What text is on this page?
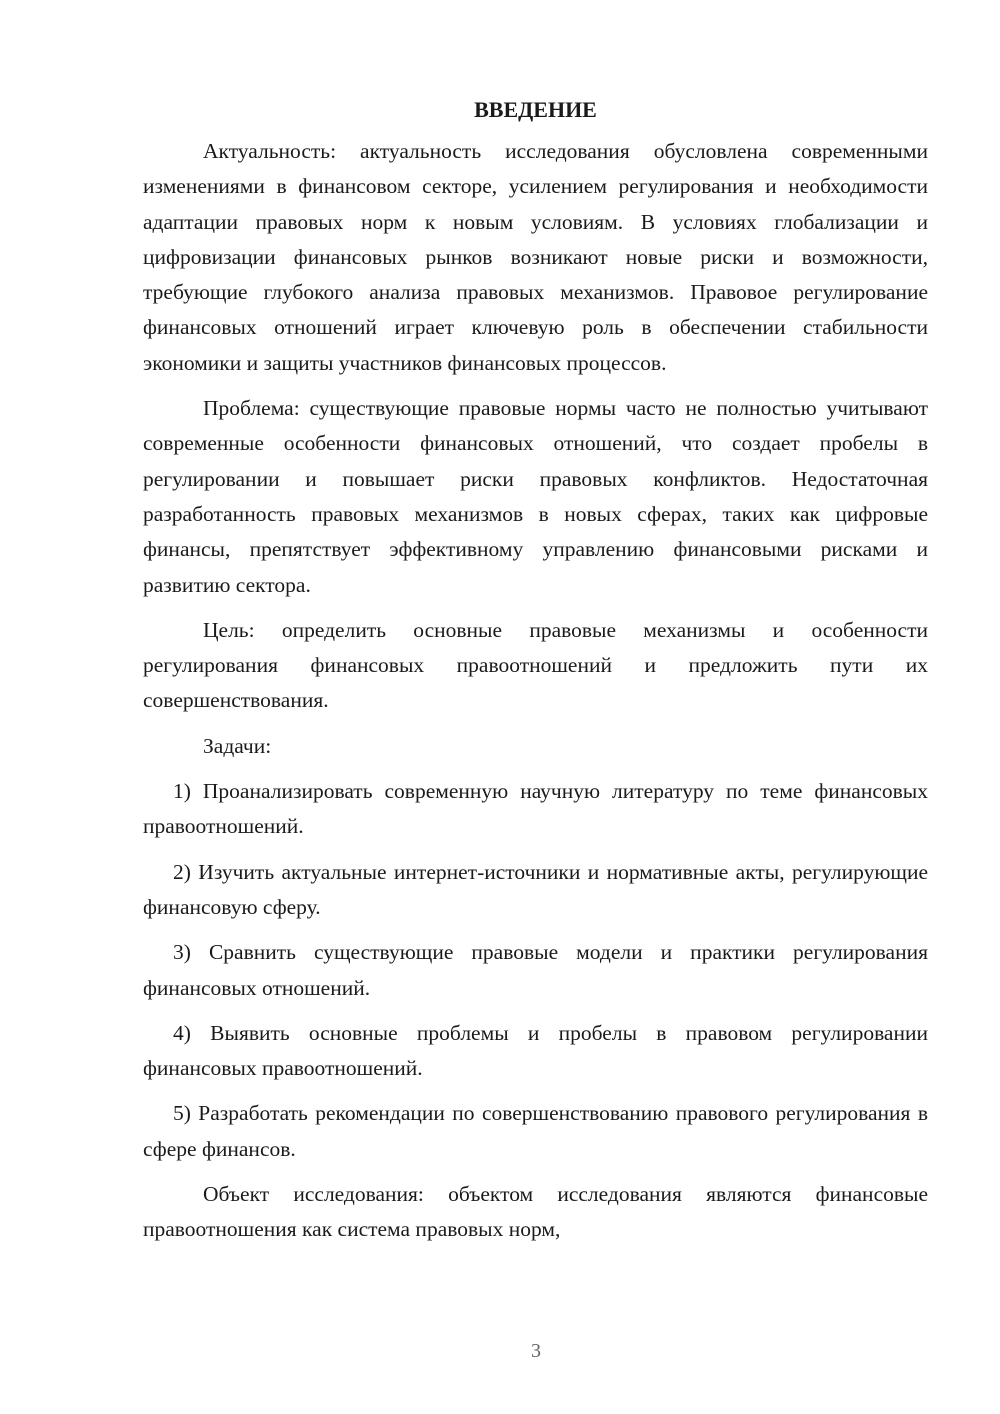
ВВЕДЕНИЕ

Актуальность: актуальность исследования обусловлена современными изменениями в финансовом секторе, усилением регулирования и необходимости адаптации правовых норм к новым условиям. В условиях глобализации и цифровизации финансовых рынков возникают новые риски и возможности, требующие глубокого анализа правовых механизмов. Правовое регулирование финансовых отношений играет ключевую роль в обеспечении стабильности экономики и защиты участников финансовых процессов.

Проблема: существующие правовые нормы часто не полностью учитывают современные особенности финансовых отношений, что создает пробелы в регулировании и повышает риски правовых конфликтов. Недостаточная разработанность правовых механизмов в новых сферах, таких как цифровые финансы, препятствует эффективному управлению финансовыми рисками и развитию сектора.

Цель: определить основные правовые механизмы и особенности регулирования финансовых правоотношений и предложить пути их совершенствования.

Задачи:

1) Проанализировать современную научную литературу по теме финансовых правоотношений.

2) Изучить актуальные интернет-источники и нормативные акты, регулирующие финансовую сферу.

3) Сравнить существующие правовые модели и практики регулирования финансовых отношений.

4) Выявить основные проблемы и пробелы в правовом регулировании финансовых правоотношений.

5) Разработать рекомендации по совершенствованию правового регулирования в сфере финансов.

Объект исследования: объектом исследования являются финансовые правоотношения как система правовых норм,

3
